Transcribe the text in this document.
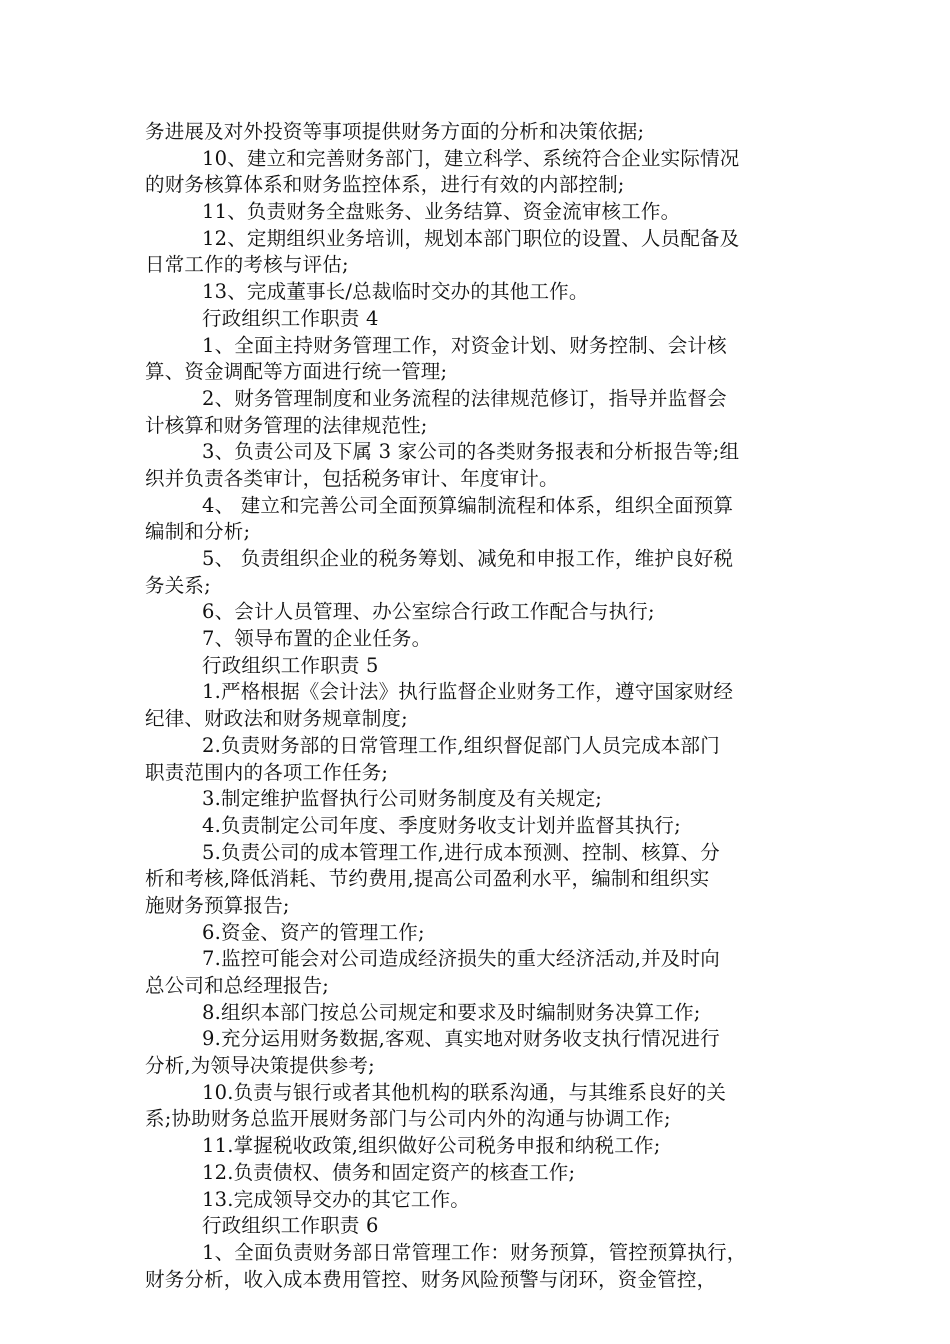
务进展及对外投资等事项提供财务方面的分析和决策依据;
10、建立和完善财务部门，建立科学、系统符合企业实际情况
的财务核算体系和财务监控体系，进行有效的内部控制;
11、负责财务全盘账务、业务结算、资金流审核工作。
12、定期组织业务培训，规划本部门职位的设置、人员配备及
日常工作的考核与评估;
13、完成董事长/总裁临时交办的其他工作。
行政组织工作职责 4
1、全面主持财务管理工作，对资金计划、财务控制、会计核
算、资金调配等方面进行统一管理;
2、财务管理制度和业务流程的法律规范修订，指导并监督会
计核算和财务管理的法律规范性;
3、负责公司及下属 3 家公司的各类财务报表和分析报告等;组
织并负责各类审计，包括税务审计、年度审计。
4、 建立和完善公司全面预算编制流程和体系，组织全面预算
编制和分析;
5、 负责组织企业的税务筹划、减免和申报工作，维护良好税
务关系;
6、会计人员管理、办公室综合行政工作配合与执行;
7、领导布置的企业任务。
行政组织工作职责 5
1.严格根据《会计法》执行监督企业财务工作，遵守国家财经
纪律、财政法和财务规章制度;
2.负责财务部的日常管理工作,组织督促部门人员完成本部门
职责范围内的各项工作任务;
3.制定维护监督执行公司财务制度及有关规定;
4.负责制定公司年度、季度财务收支计划并监督其执行;
5.负责公司的成本管理工作,进行成本预测、控制、核算、分
析和考核,降低消耗、节约费用,提高公司盈利水平，编制和组织实
施财务预算报告;
6.资金、资产的管理工作;
7.监控可能会对公司造成经济损失的重大经济活动,并及时向
总公司和总经理报告;
8.组织本部门按总公司规定和要求及时编制财务决算工作;
9.充分运用财务数据,客观、真实地对财务收支执行情况进行
分析,为领导决策提供参考;
10.负责与银行或者其他机构的联系沟通，与其维系良好的关
系;协助财务总监开展财务部门与公司内外的沟通与协调工作;
11.掌握税收政策,组织做好公司税务申报和纳税工作;
12.负责债权、债务和固定资产的核查工作;
13.完成领导交办的其它工作。
行政组织工作职责 6
1、全面负责财务部日常管理工作：财务预算，管控预算执行，
财务分析，收入成本费用管控、财务风险预警与闭环，资金管控，
